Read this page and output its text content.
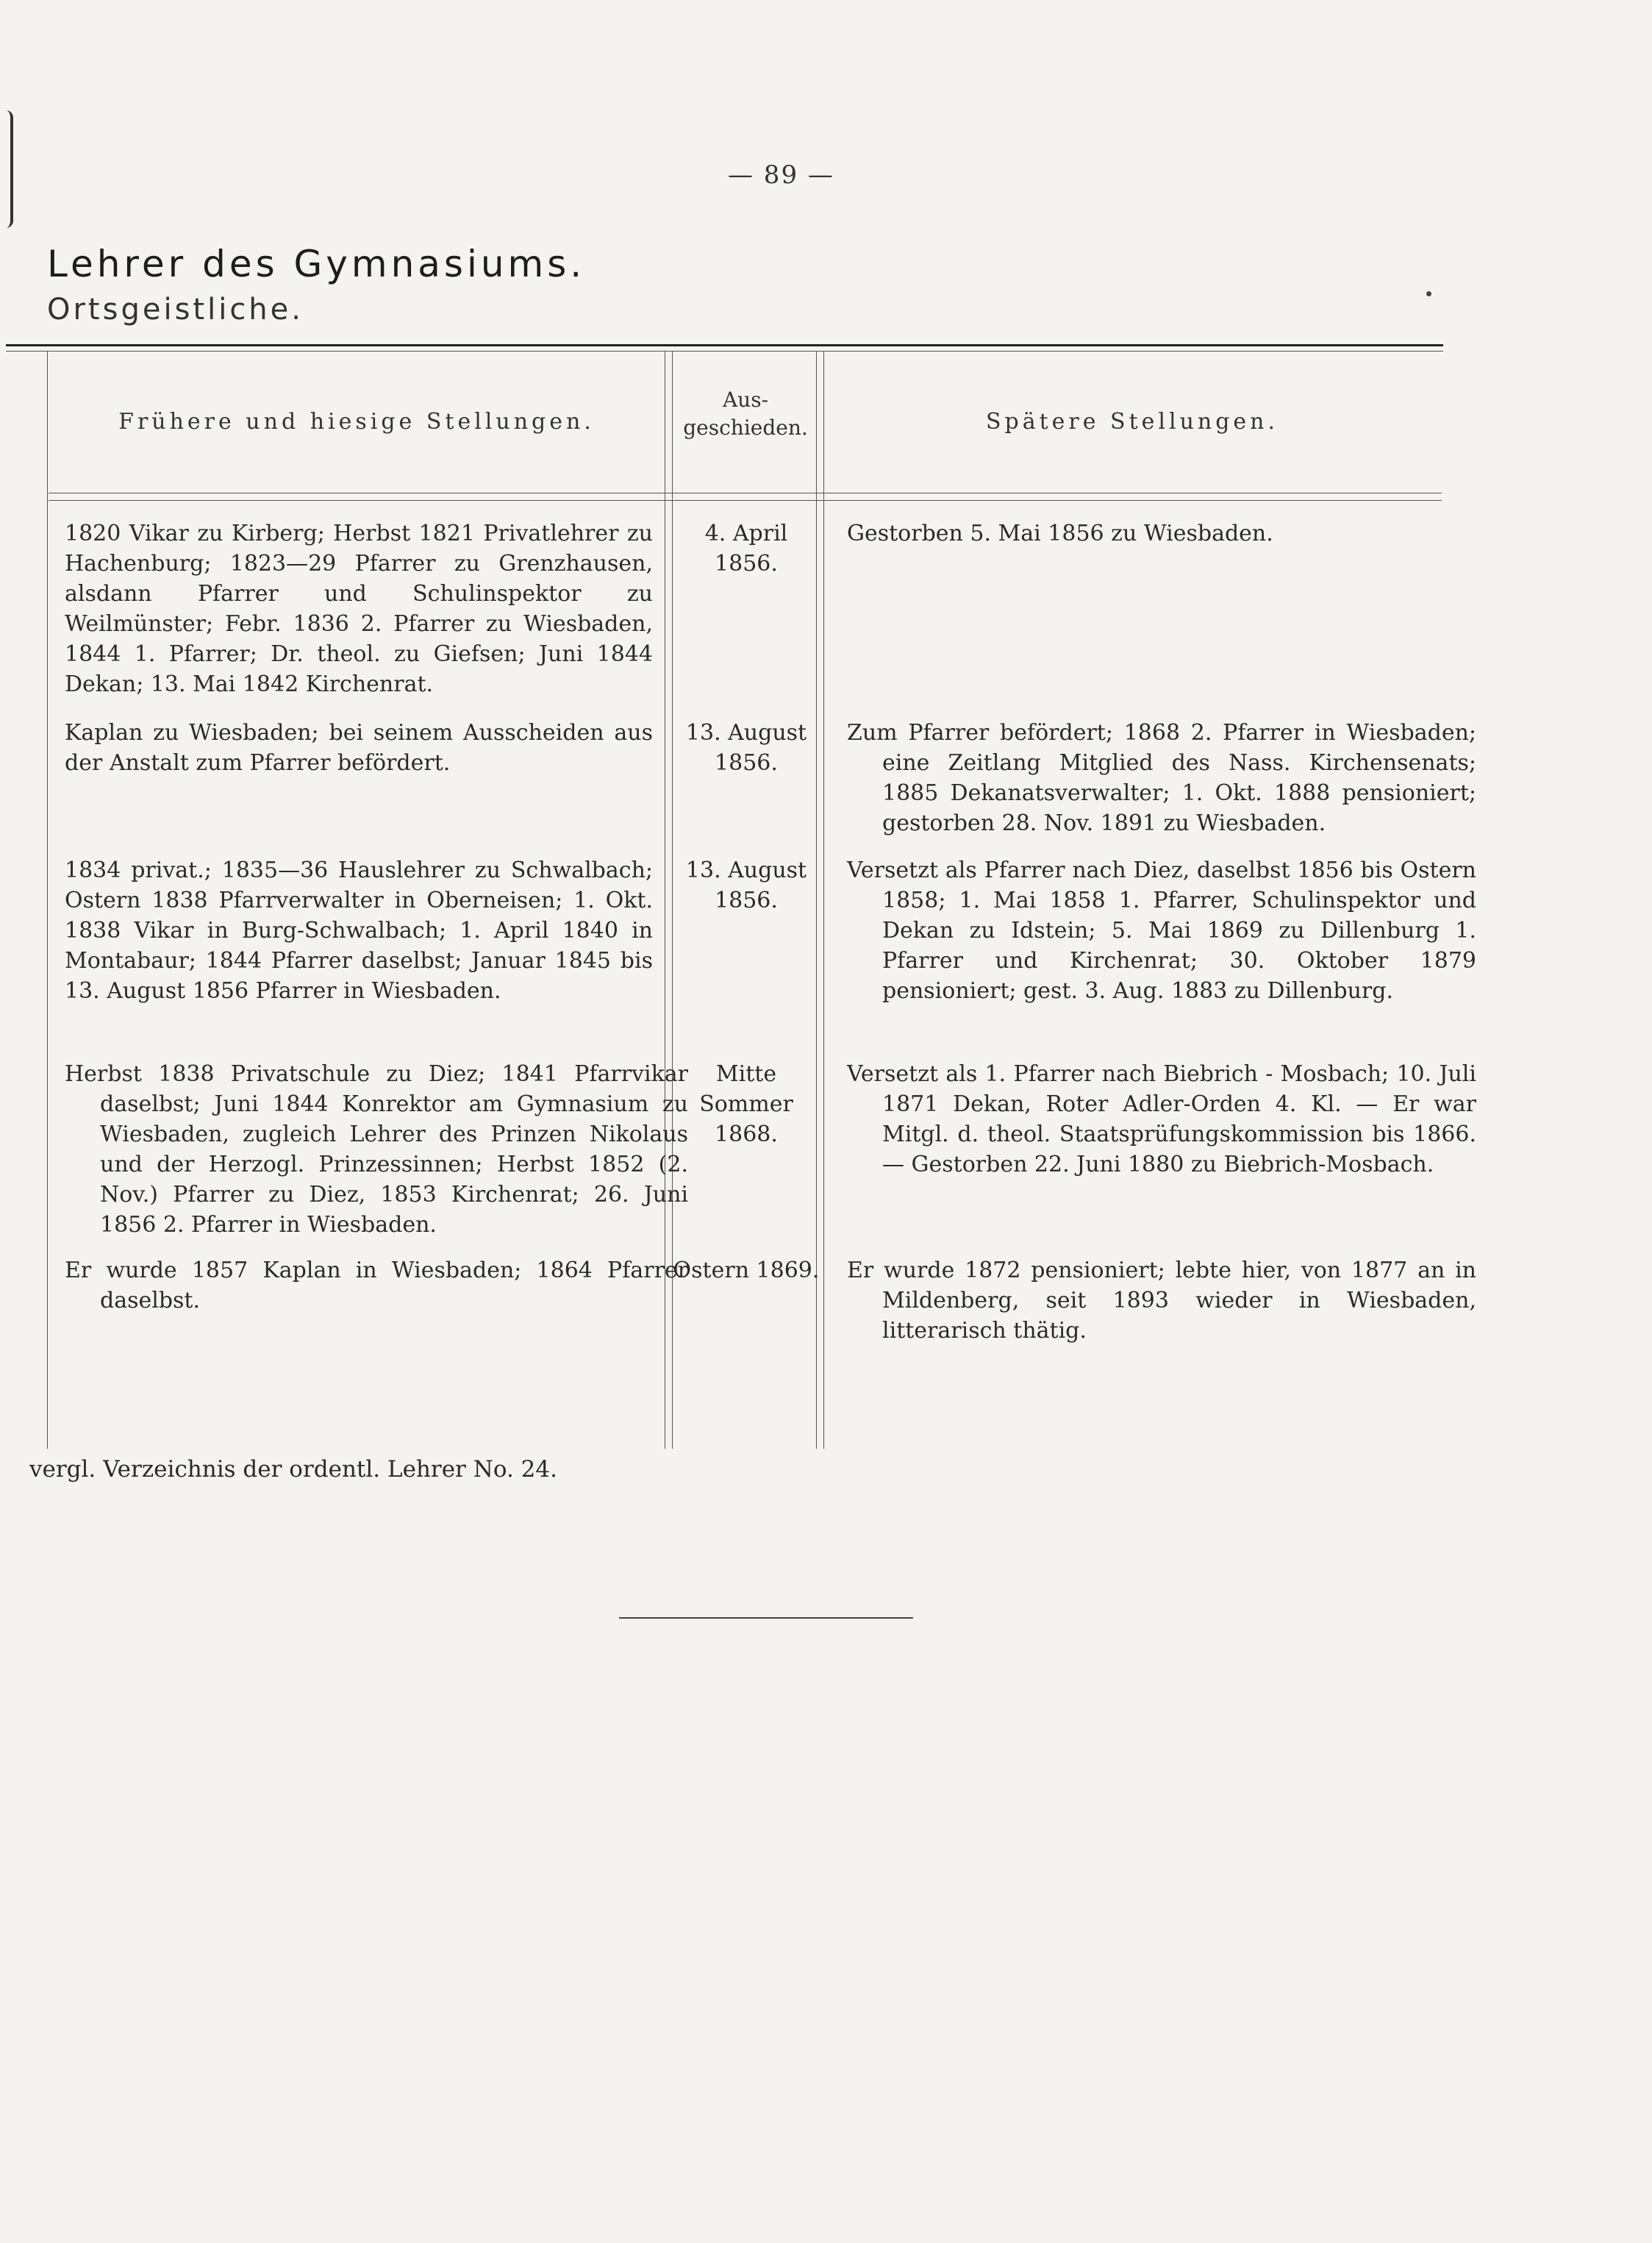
— 89 —
Lehrer des Gymnasiums.
Ortsgeistliche.
Frühere und hiesige Stellungen.
Aus-
geschieden.	Spätere Stellungen.
1820 Vikar zu Kirberg; Herbst 1821 Privatlehrer zu Hachenburg; 1823—29 Pfarrer zu Grenzhausen, alsdann Pfarrer und Schulinspektor zu Weilmünster; Febr. 1836 2. Pfarrer zu Wiesbaden, 1844 1. Pfarrer; Dr. theol. zu Giefsen; Juni 1844 Dekan; 13. Mai 1842 Kirchenrat.
4. April
1856.
Gestorben 5. Mai 1856 zu Wiesbaden.
Kaplan zu Wiesbaden; bei seinem Ausscheiden aus der Anstalt zum Pfarrer befördert.
13. August
1856.
Zum Pfarrer befördert; 1868 2. Pfarrer in Wiesbaden; eine Zeitlang Mitglied des Nass. Kirchensenats; 1885 Dekanatsverwalter; 1. Okt. 1888 pensioniert; gestorben 28. Nov. 1891 zu Wiesbaden.
1834 privat.; 1835—36 Hauslehrer zu Schwalbach; Ostern 1838 Pfarrverwalter in Oberneisen; 1. Okt. 1838 Vikar in Burg-Schwalbach; 1. April 1840 in Montabaur; 1844 Pfarrer daselbst; Januar 1845 bis 13. August 1856 Pfarrer in Wiesbaden.
13. August
1856.
Versetzt als Pfarrer nach Diez, daselbst 1856 bis Ostern 1858; 1. Mai 1858 1. Pfarrer, Schulinspektor und Dekan zu Idstein; 5. Mai 1869 zu Dillenburg 1. Pfarrer und Kirchenrat; 30. Oktober 1879 pensioniert; gest. 3. Aug. 1883 zu Dillenburg.
Herbst 1838 Privatschule zu Diez; 1841 Pfarrvikar daselbst; Juni 1844 Konrektor am Gymnasium zu Wiesbaden, zugleich Lehrer des Prinzen Nikolaus und der Herzogl. Prinzessinnen; Herbst 1852 (2. Nov.) Pfarrer zu Diez, 1853 Kirchenrat; 26. Juni 1856 2. Pfarrer in Wiesbaden.
Mitte
Sommer
1868.
Versetzt als 1. Pfarrer nach Biebrich - Mosbach; 10. Juli 1871 Dekan, Roter Adler-Orden 4. Kl. — Er war Mitgl. d. theol. Staatsprüfungskommission bis 1866. — Gestorben 22. Juni 1880 zu Biebrich-Mosbach.
Er wurde 1857 Kaplan in Wiesbaden; 1864 Pfarrer daselbst.
Ostern 1869. Er wurde 1872 pensioniert; lebte hier, von 1877 an in Mildenberg, seit 1893 wieder in Wiesbaden, litterarisch thätig.
vergl. Verzeichnis der ordentl. Lehrer No. 24.
